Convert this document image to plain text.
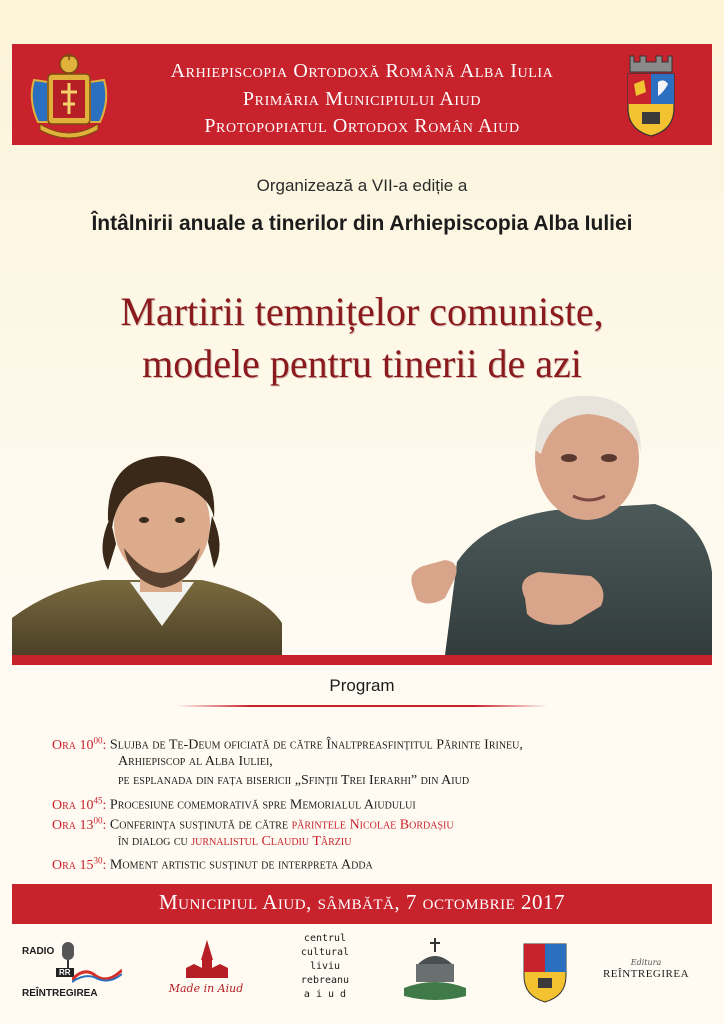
Arhiepiscopia Ortodoxă Română Alba Iulia
Primăria Municipiului Aiud
Protopopiatul Ortodox Român Aiud
Organizează a VII-a ediție a
Întâlnirii anuale a tinerilor din Arhiepiscopia Alba Iuliei
Martirii temnițelor comuniste,
modele pentru tinerii de azi
Program
Ora $10^{00}$: Slujba de Te-Deum oficiată de către Înaltpreasfințitul Părinte Irineu,
Arhiepiscop al Alba Iuliei,
pe esplanada din fața bisericii „Sfinții Trei Ierarhi” din Aiud
Ora $10^{45}$: Procesiune comemorativă spre Memorialul Aiudului
Ora $13^{00}$: Conferința susținută de către părintele Nicolae Bordașiu
în dialog cu jurnalistul Claudiu Târziu
Ora $15^{30}$: Moment artistic susținut de interpreta Adda
Municipiul Aiud, sâmbătă, 7 octombrie 2017
RADIO
RR
REÎNTREGIREA	Made in Aiud
centrul
cultural
liviu
rebreanu
a i u d
Editura
REÎNTREGIREA
